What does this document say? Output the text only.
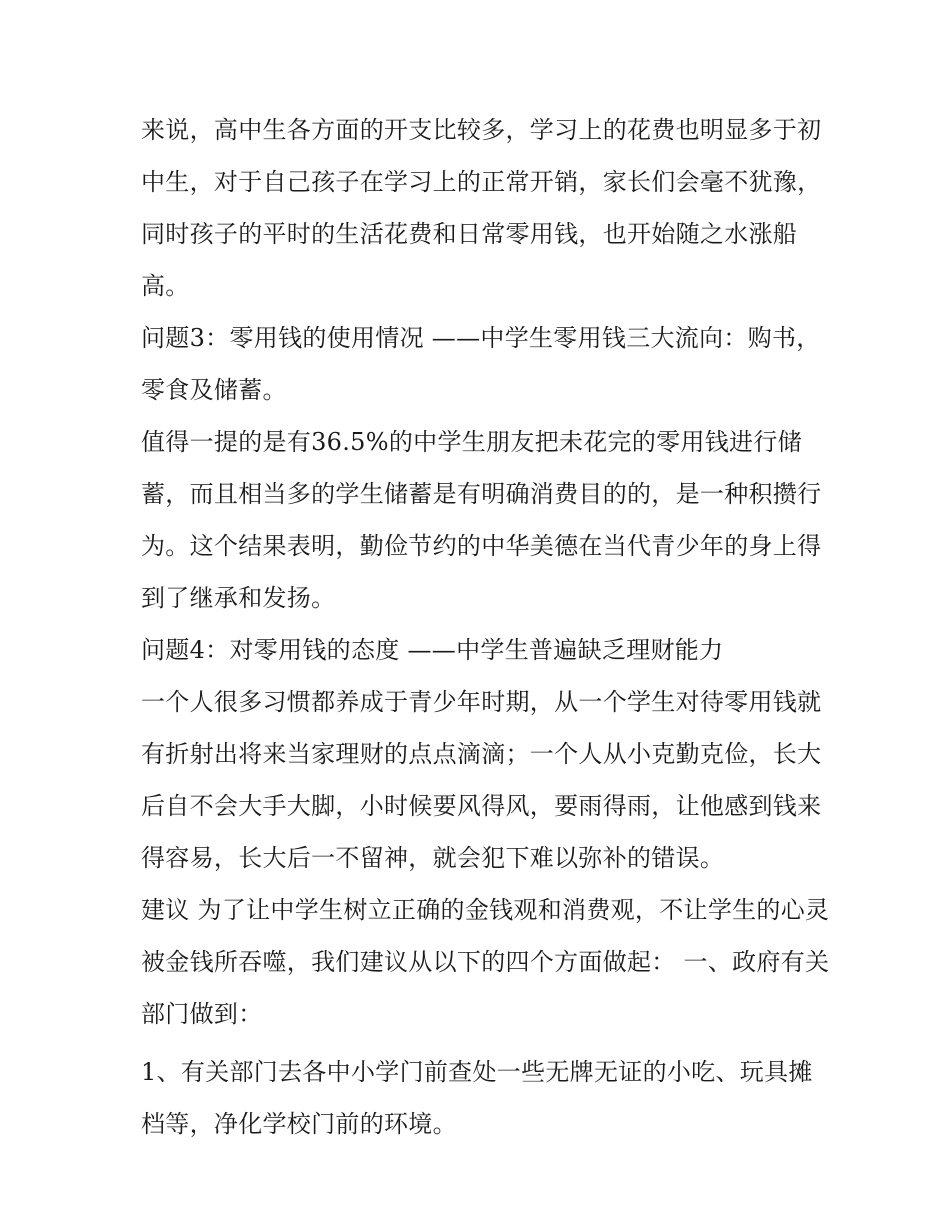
来说，高中生各方面的开支比较多，学习上的花费也明显多于初中生，对于自己孩子在学习上的正常开销，家长们会毫不犹豫，同时孩子的平时的生活花费和日常零用钱，也开始随之水涨船高。

问题3：零用钱的使用情况 ——中学生零用钱三大流向：购书，零食及储蓄。

值得一提的是有36.5%的中学生朋友把未花完的零用钱进行储蓄，而且相当多的学生储蓄是有明确消费目的的，是一种积攒行为。这个结果表明，勤俭节约的中华美德在当代青少年的身上得到了继承和发扬。

问题4：对零用钱的态度 ——中学生普遍缺乏理财能力

一个人很多习惯都养成于青少年时期，从一个学生对待零用钱就有折射出将来当家理财的点点滴滴；一个人从小克勤克俭，长大后自不会大手大脚，小时候要风得风，要雨得雨，让他感到钱来得容易，长大后一不留神，就会犯下难以弥补的错误。

建议 为了让中学生树立正确的金钱观和消费观，不让学生的心灵被金钱所吞噬，我们建议从以下的四个方面做起： 一、政府有关部门做到：

1、有关部门去各中小学门前查处一些无牌无证的小吃、玩具摊档等，净化学校门前的环境。
